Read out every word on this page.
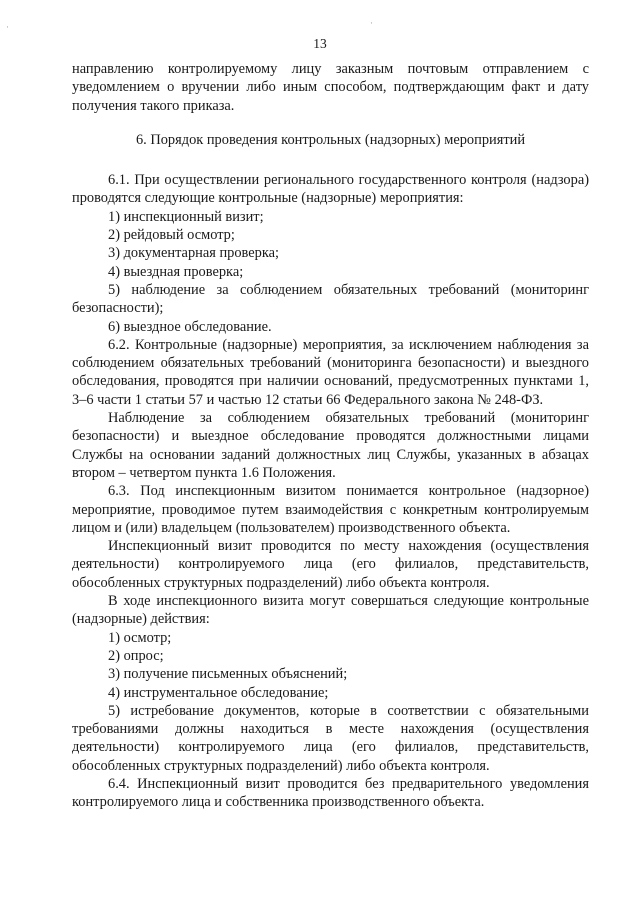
13

направлению контролируемому лицу заказным почтовым отправлением с уведомлением о вручении либо иным способом, подтверждающим факт и дату получения такого приказа.

6. Порядок проведения контрольных (надзорных) мероприятий

6.1. При осуществлении регионального государственного контроля (надзора) проводятся следующие контрольные (надзорные) мероприятия:

1) инспекционный визит;

2) рейдовый осмотр;

3) документарная проверка;

4) выездная проверка;

5) наблюдение за соблюдением обязательных требований (мониторинг безопасности);

6) выездное обследование.

6.2. Контрольные (надзорные) мероприятия, за исключением наблюдения за соблюдением обязательных требований (мониторинга безопасности) и выездного обследования, проводятся при наличии оснований, предусмотренных пунктами 1, 3–6 части 1 статьи 57 и частью 12 статьи 66 Федерального закона № 248-ФЗ.

Наблюдение за соблюдением обязательных требований (мониторинг безопасности) и выездное обследование проводятся должностными лицами Службы на основании заданий должностных лиц Службы, указанных в абзацах втором – четвертом пункта 1.6 Положения.

6.3. Под инспекционным визитом понимается контрольное (надзорное) мероприятие, проводимое путем взаимодействия с конкретным контролируемым лицом и (или) владельцем (пользователем) производственного объекта.

Инспекционный визит проводится по месту нахождения (осуществления деятельности) контролируемого лица (его филиалов, представительств, обособленных структурных подразделений) либо объекта контроля.

В ходе инспекционного визита могут совершаться следующие контрольные (надзорные) действия:

1) осмотр;

2) опрос;

3) получение письменных объяснений;

4) инструментальное обследование;

5) истребование документов, которые в соответствии с обязательными требованиями должны находиться в месте нахождения (осуществления деятельности) контролируемого лица (его филиалов, представительств, обособленных структурных подразделений) либо объекта контроля.

6.4. Инспекционный визит проводится без предварительного уведомления контролируемого лица и собственника производственного объекта.

·	·
